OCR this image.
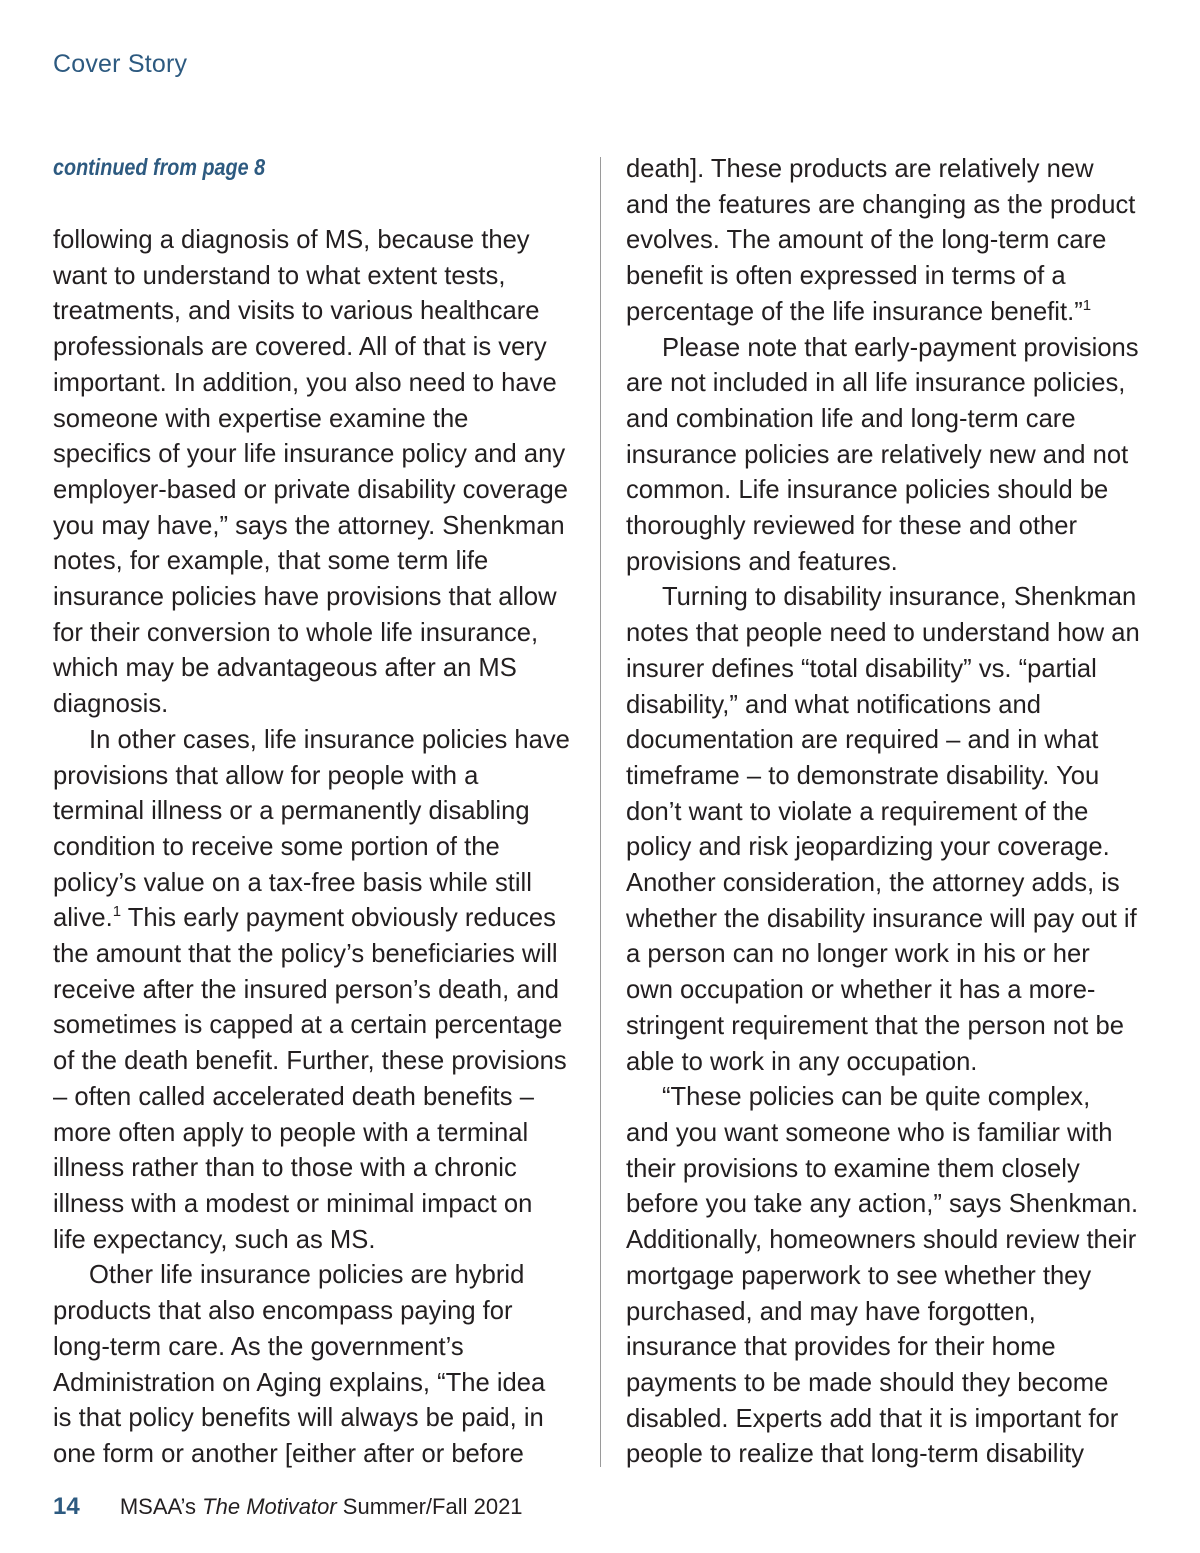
Cover Story
continued from page 8
following a diagnosis of MS, because they
want to understand to what extent tests,
treatments, and visits to various healthcare
professionals are covered. All of that is very
important. In addition, you also need to have
someone with expertise examine the
specifics of your life insurance policy and any
employer-based or private disability coverage
you may have,” says the attorney. Shenkman
notes, for example, that some term life
insurance policies have provisions that allow
for their conversion to whole life insurance,
which may be advantageous after an MS
diagnosis.
In other cases, life insurance policies have
provisions that allow for people with a
terminal illness or a permanently disabling
condition to receive some portion of the
policy’s value on a tax-free basis while still
alive.$^1$ This early payment obviously reduces
the amount that the policy’s beneficiaries will
receive after the insured person’s death, and
sometimes is capped at a certain percentage
of the death benefit. Further, these provisions
– often called accelerated death benefits –
more often apply to people with a terminal
illness rather than to those with a chronic
illness with a modest or minimal impact on
life expectancy, such as MS.
Other life insurance policies are hybrid
products that also encompass paying for
long-term care. As the government’s
Administration on Aging explains, “The idea
is that policy benefits will always be paid, in
one form or another [either after or before
death]. These products are relatively new
and the features are changing as the product
evolves. The amount of the long-term care
benefit is often expressed in terms of a
percentage of the life insurance benefit.”$^1$
Please note that early-payment provisions
are not included in all life insurance policies,
and combination life and long-term care
insurance policies are relatively new and not
common. Life insurance policies should be
thoroughly reviewed for these and other
provisions and features.
Turning to disability insurance, Shenkman
notes that people need to understand how an
insurer defines “total disability” vs. “partial
disability,” and what notifications and
documentation are required – and in what
timeframe – to demonstrate disability. You
don’t want to violate a requirement of the
policy and risk jeopardizing your coverage.
Another consideration, the attorney adds, is
whether the disability insurance will pay out if
a person can no longer work in his or her
own occupation or whether it has a more-
stringent requirement that the person not be
able to work in any occupation.
“These policies can be quite complex,
and you want someone who is familiar with
their provisions to examine them closely
before you take any action,” says Shenkman.
Additionally, homeowners should review their
mortgage paperwork to see whether they
purchased, and may have forgotten,
insurance that provides for their home
payments to be made should they become
disabled. Experts add that it is important for
people to realize that long-term disability
14 MSAA’s The Motivator Summer/Fall 2021
